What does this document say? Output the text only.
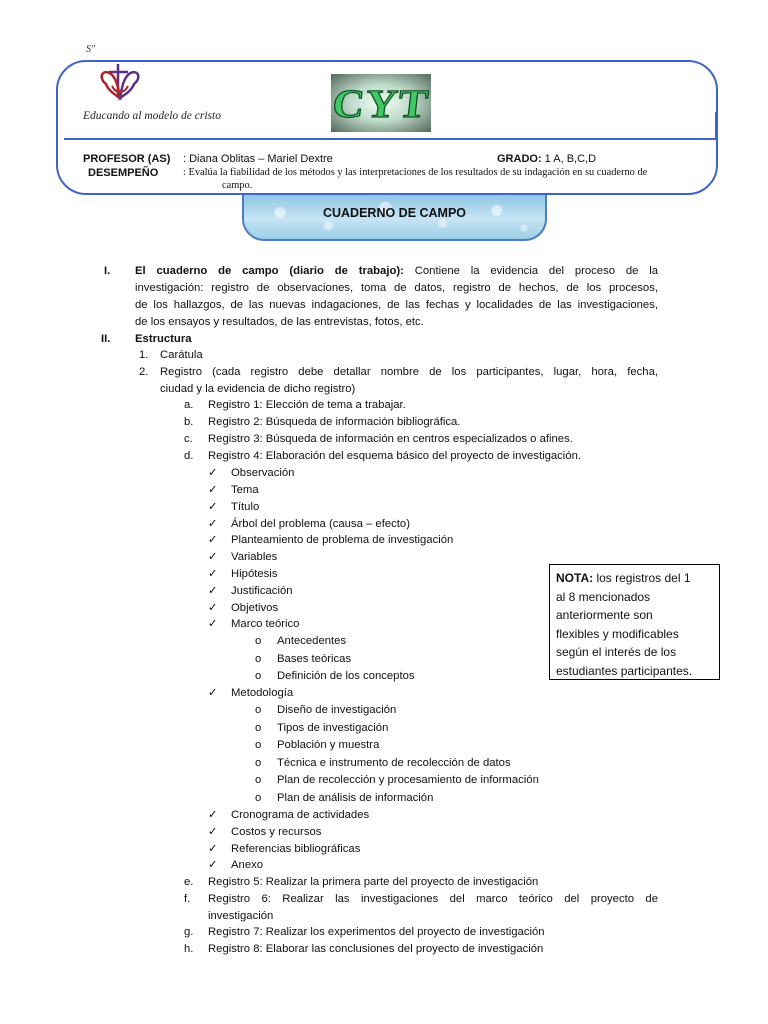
S"
Educando al modelo de cristo	CYT
PROFESOR (AS) : Diana Oblitas – Mariel Dextre	GRADO: 1 A, B,C,D
DESEMPEÑO : Evalúa la fiabilidad de los métodos y las interpretaciones de los resultados de su indagación en su cuaderno de
campo.
CUADERNO DE CAMPO
I. El cuaderno de campo (diario de trabajo): Contiene la evidencia del proceso de la
investigación: registro de observaciones, toma de datos, registro de hechos, de los procesos,
de los hallazgos, de las nuevas indagaciones, de las fechas y localidades de las investigaciones,
de los ensayos y resultados, de las entrevistas, fotos, etc.
II. Estructura
1. Carátula
2. Registro (cada registro debe detallar nombre de los participantes, lugar, hora, fecha,
ciudad y la evidencia de dicho registro)
a. Registro 1: Elección de tema a trabajar.
b. Registro 2: Búsqueda de información bibliográfica.
c. Registro 3: Búsqueda de información en centros especializados o afines.
d. Registro 4: Elaboración del esquema básico del proyecto de investigación.
✓ Observación
✓ Tema
✓ Título
✓ Árbol del problema (causa – efecto)
✓ Planteamiento de problema de investigación
✓ Variables
✓ Hipótesis
✓ Justificación
✓ Objetivos
✓ Marco teórico
o Antecedentes
o Bases teóricas
o Definición de los conceptos
✓ Metodología
o Diseño de investigación
o Tipos de investigación
o Población y muestra
o Técnica e instrumento de recolección de datos
o Plan de recolección y procesamiento de información
o Plan de análisis de información
✓ Cronograma de actividades
✓ Costos y recursos
✓ Referencias bibliográficas
✓ Anexo
e. Registro 5: Realizar la primera parte del proyecto de investigación
f. Registro 6: Realizar las investigaciones del marco teórico del proyecto de
investigación
g. Registro 7: Realizar los experimentos del proyecto de investigación
h. Registro 8: Elaborar las conclusiones del proyecto de investigación
NOTA: los registros del 1
al 8 mencionados
anteriormente son
flexibles y modificables
según el interés de los
estudiantes participantes.
